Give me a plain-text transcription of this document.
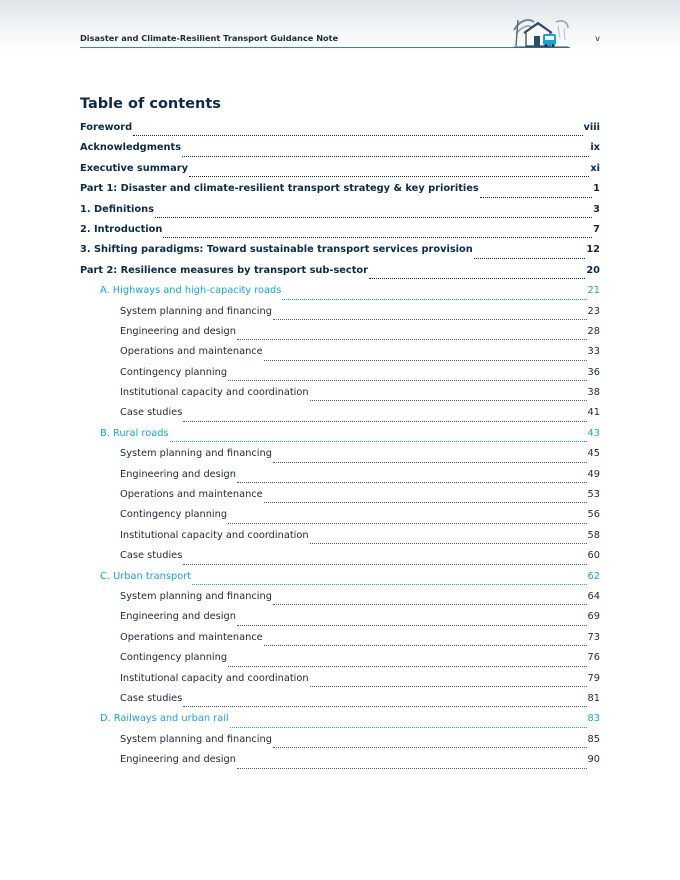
Disaster and Climate-Resilient Transport Guidance Note	v
Table of contents
Foreword	viii
Acknowledgments	ix
Executive summary	xi
Part 1: Disaster and climate-resilient transport strategy & key priorities	1
1. Definitions	3
2. Introduction	7
3. Shifting paradigms: Toward sustainable transport services provision	12
Part 2: Resilience measures by transport sub-sector	20
A. Highways and high-capacity roads	21
System planning and financing	23
Engineering and design	28
Operations and maintenance	33
Contingency planning	36
Institutional capacity and coordination	38
Case studies	41
B. Rural roads	43
System planning and financing	45
Engineering and design	49
Operations and maintenance	53
Contingency planning	56
Institutional capacity and coordination	58
Case studies	60
C. Urban transport	62
System planning and financing	64
Engineering and design	69
Operations and maintenance	73
Contingency planning	76
Institutional capacity and coordination	79
Case studies	81
D. Railways and urban rail	83
System planning and financing	85
Engineering and design	90
